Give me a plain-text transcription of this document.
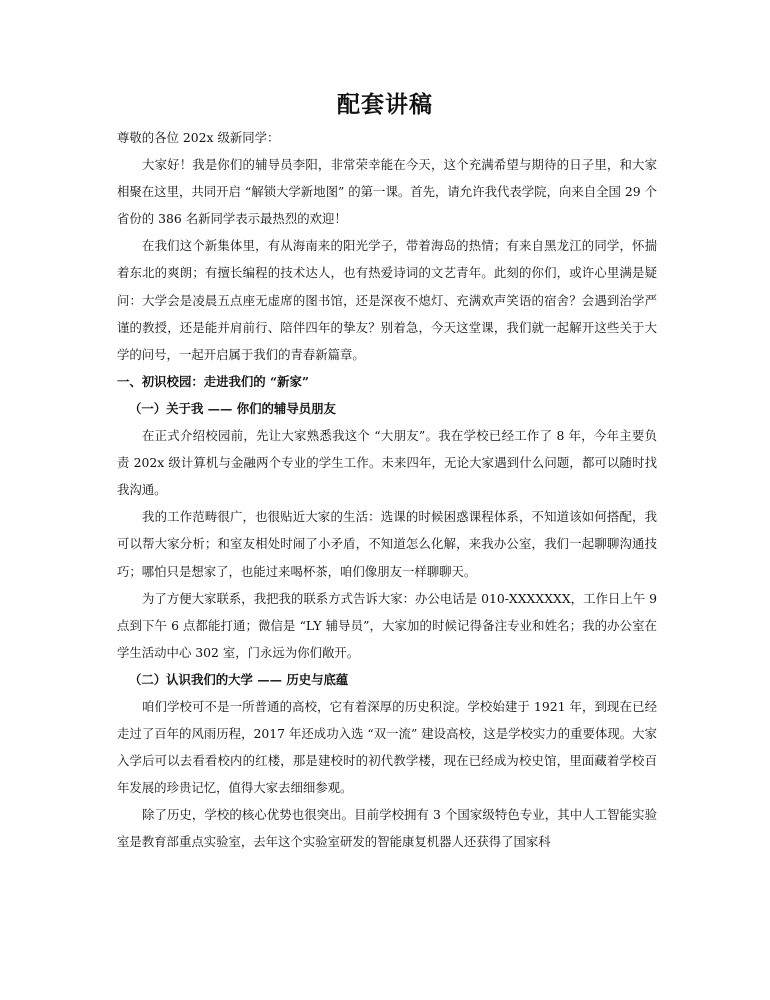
配套讲稿

尊敬的各位 202x 级新同学：

大家好！我是你们的辅导员李阳，非常荣幸能在今天，这个充满希望与期待的日子里，和大家相聚在这里，共同开启 “解锁大学新地图” 的第一课。首先，请允许我代表学院，向来自全国 29 个省份的 386 名新同学表示最热烈的欢迎！

在我们这个新集体里，有从海南来的阳光学子，带着海岛的热情；有来自黑龙江的同学，怀揣着东北的爽朗；有擅长编程的技术达人，也有热爱诗词的文艺青年。此刻的你们，或许心里满是疑问：大学会是凌晨五点座无虚席的图书馆，还是深夜不熄灯、充满欢声笑语的宿舍？会遇到治学严谨的教授，还是能并肩前行、陪伴四年的挚友？别着急，今天这堂课，我们就一起解开这些关于大学的问号，一起开启属于我们的青春新篇章。

一、初识校园：走进我们的 “新家”

（一）关于我 —— 你们的辅导员朋友

在正式介绍校园前，先让大家熟悉我这个 “大朋友”。我在学校已经工作了 8 年，今年主要负责 202x 级计算机与金融两个专业的学生工作。未来四年，无论大家遇到什么问题，都可以随时找我沟通。

我的工作范畴很广，也很贴近大家的生活：选课的时候困惑课程体系，不知道该如何搭配，我可以帮大家分析；和室友相处时闹了小矛盾，不知道怎么化解，来我办公室，我们一起聊聊沟通技巧；哪怕只是想家了，也能过来喝杯茶，咱们像朋友一样聊聊天。

为了方便大家联系，我把我的联系方式告诉大家：办公电话是 010-XXXXXXX，工作日上午 9 点到下午 6 点都能打通；微信是 “LY 辅导员”，大家加的时候记得备注专业和姓名；我的办公室在学生活动中心 302 室，门永远为你们敞开。

（二）认识我们的大学 —— 历史与底蕴

咱们学校可不是一所普通的高校，它有着深厚的历史积淀。学校始建于 1921 年，到现在已经走过了百年的风雨历程，2017 年还成功入选 “双一流” 建设高校，这是学校实力的重要体现。大家入学后可以去看看校内的红楼，那是建校时的初代教学楼，现在已经成为校史馆，里面藏着学校百年发展的珍贵记忆，值得大家去细细参观。

除了历史，学校的核心优势也很突出。目前学校拥有 3 个国家级特色专业，其中人工智能实验室是教育部重点实验室，去年这个实验室研发的智能康复机器人还获得了国家科
